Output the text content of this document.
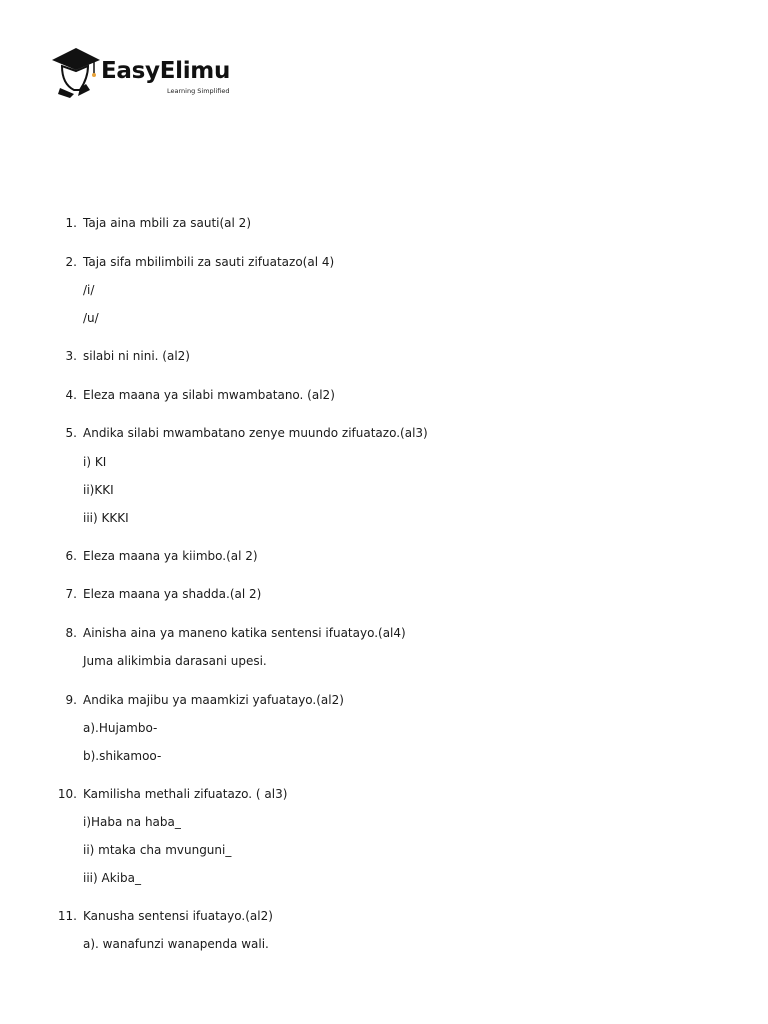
EasyElimu
Learning Simplified
1. Taja aina mbili za sauti(al 2)
2. Taja sifa mbilimbili za sauti zifuatazo(al 4)
/i/
/u/
3. silabi ni nini. (al2)
4. Eleza maana ya silabi mwambatano. (al2)
5. Andika silabi mwambatano zenye muundo zifuatazo.(al3)
i) KI
ii)KKI
iii) KKKI
6. Eleza maana ya kiimbo.(al 2)
7. Eleza maana ya shadda.(al 2)
8. Ainisha aina ya maneno katika sentensi ifuatayo.(al4)
Juma alikimbia darasani upesi.
9. Andika majibu ya maamkizi yafuatayo.(al2)
a).Hujambo-
b).shikamoo-
10. Kamilisha methali zifuatazo. ( al3)
i)Haba na haba_
ii) mtaka cha mvunguni_
iii) Akiba_
11. Kanusha sentensi ifuatayo.(al2)
a). wanafunzi wanapenda wali.
